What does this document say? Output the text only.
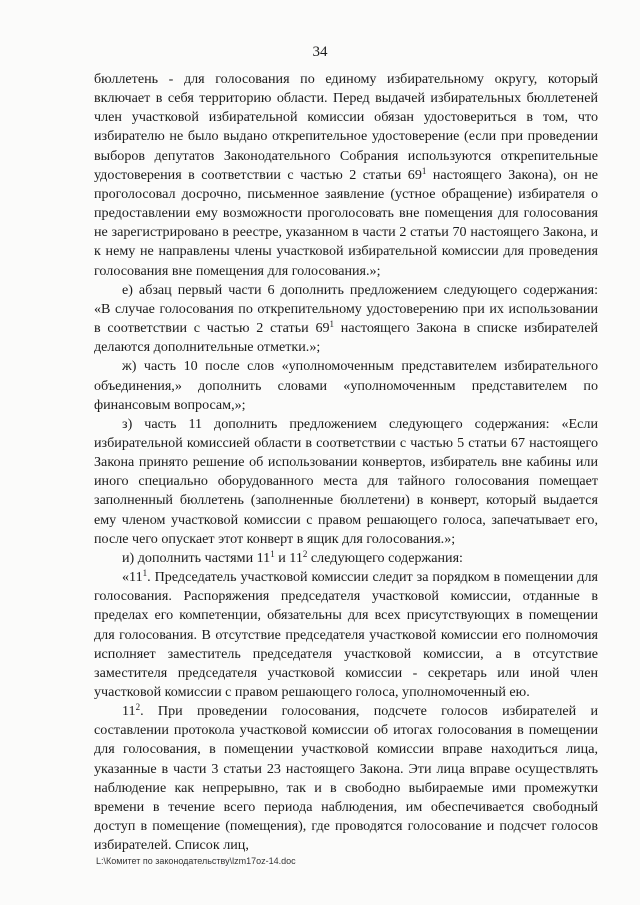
34

бюллетень - для голосования по единому избирательному округу, который включает в себя территорию области. Перед выдачей избирательных бюллетеней член участковой избирательной комиссии обязан удостовериться в том, что избирателю не было выдано открепительное удостоверение (если при проведении выборов депутатов Законодательного Собрания используются открепительные удостоверения в соответствии с частью 2 статьи $69^1$ настоящего Закона), он не проголосовал досрочно, письменное заявление (устное обращение) избирателя о предоставлении ему возможности проголосовать вне помещения для голосования не зарегистрировано в реестре, указанном в части 2 статьи 70 настоящего Закона, и к нему не направлены члены участковой избирательной комиссии для проведения голосования вне помещения для голосования.»;

е) абзац первый части 6 дополнить предложением следующего содержания: «В случае голосования по открепительному удостоверению при их использовании в соответствии с частью 2 статьи $69^1$ настоящего Закона в списке избирателей делаются дополнительные отметки.»;

ж) часть 10 после слов «уполномоченным представителем избирательного объединения,» дополнить словами «уполномоченным представителем по финансовым вопросам,»;

з) часть 11 дополнить предложением следующего содержания: «Если избирательной комиссией области в соответствии с частью 5 статьи 67 настоящего Закона принято решение об использовании конвертов, избиратель вне кабины или иного специально оборудованного места для тайного голосования помещает заполненный бюллетень (заполненные бюллетени) в конверт, который выдается ему членом участковой комиссии с правом решающего голоса, запечатывает его, после чего опускает этот конверт в ящик для голосования.»;

и) дополнить частями $11^1$ и $11^2$ следующего содержания:

«$11^1$. Председатель участковой комиссии следит за порядком в помещении для голосования. Распоряжения председателя участковой комиссии, отданные в пределах его компетенции, обязательны для всех присутствующих в помещении для голосования. В отсутствие председателя участковой комиссии его полномочия исполняет заместитель председателя участковой комиссии, а в отсутствие заместителя председателя участковой комиссии - секретарь или иной член участковой комиссии с правом решающего голоса, уполномоченный ею.

$11^2$. При проведении голосования, подсчете голосов избирателей и составлении протокола участковой комиссии об итогах голосования в помещении для голосования, в помещении участковой комиссии вправе находиться лица, указанные в части 3 статьи 23 настоящего Закона. Эти лица вправе осуществлять наблюдение как непрерывно, так и в свободно выбираемые ими промежутки времени в течение всего периода наблюдения, им обеспечивается свободный доступ в помещение (помещения), где проводятся голосование и подсчет голосов избирателей. Список лиц,

L:\Комитет по законодательству\lzm17oz-14.doc
